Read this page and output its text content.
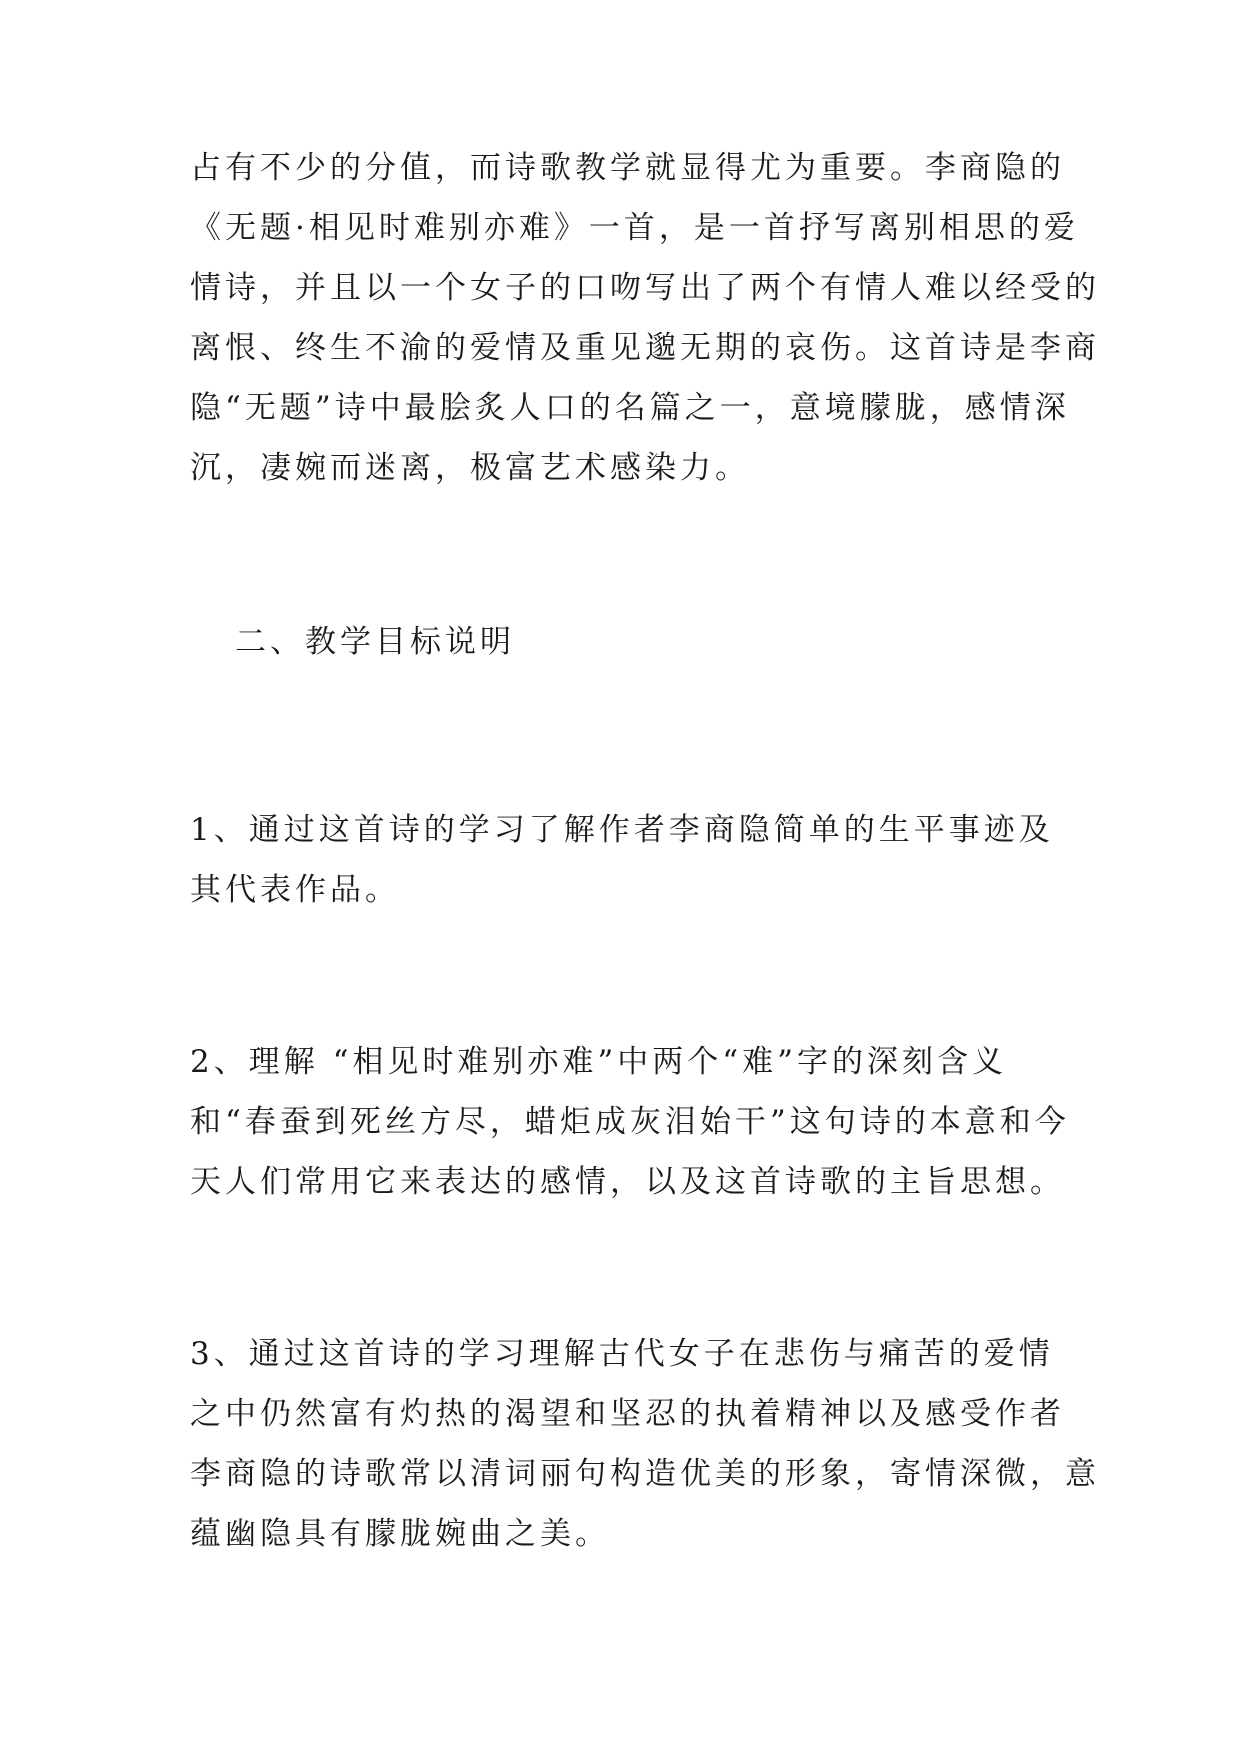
占有不少的分值，而诗歌教学就显得尤为重要。李商隐的
《无题·相见时难别亦难》一首，是一首抒写离别相思的爱
情诗，并且以一个女子的口吻写出了两个有情人难以经受的
离恨、终生不渝的爱情及重见邈无期的哀伤。这首诗是李商
隐“无题”诗中最脍炙人口的名篇之一，意境朦胧，感情深
沉，凄婉而迷离，极富艺术感染力。
二、教学目标说明
1、通过这首诗的学习了解作者李商隐简单的生平事迹及
其代表作品。
2、理解 “相见时难别亦难”中两个“难”字的深刻含义
和“春蚕到死丝方尽，蜡炬成灰泪始干”这句诗的本意和今
天人们常用它来表达的感情，以及这首诗歌的主旨思想。
3、通过这首诗的学习理解古代女子在悲伤与痛苦的爱情
之中仍然富有灼热的渴望和坚忍的执着精神以及感受作者
李商隐的诗歌常以清词丽句构造优美的形象，寄情深微，意
蕴幽隐具有朦胧婉曲之美。
